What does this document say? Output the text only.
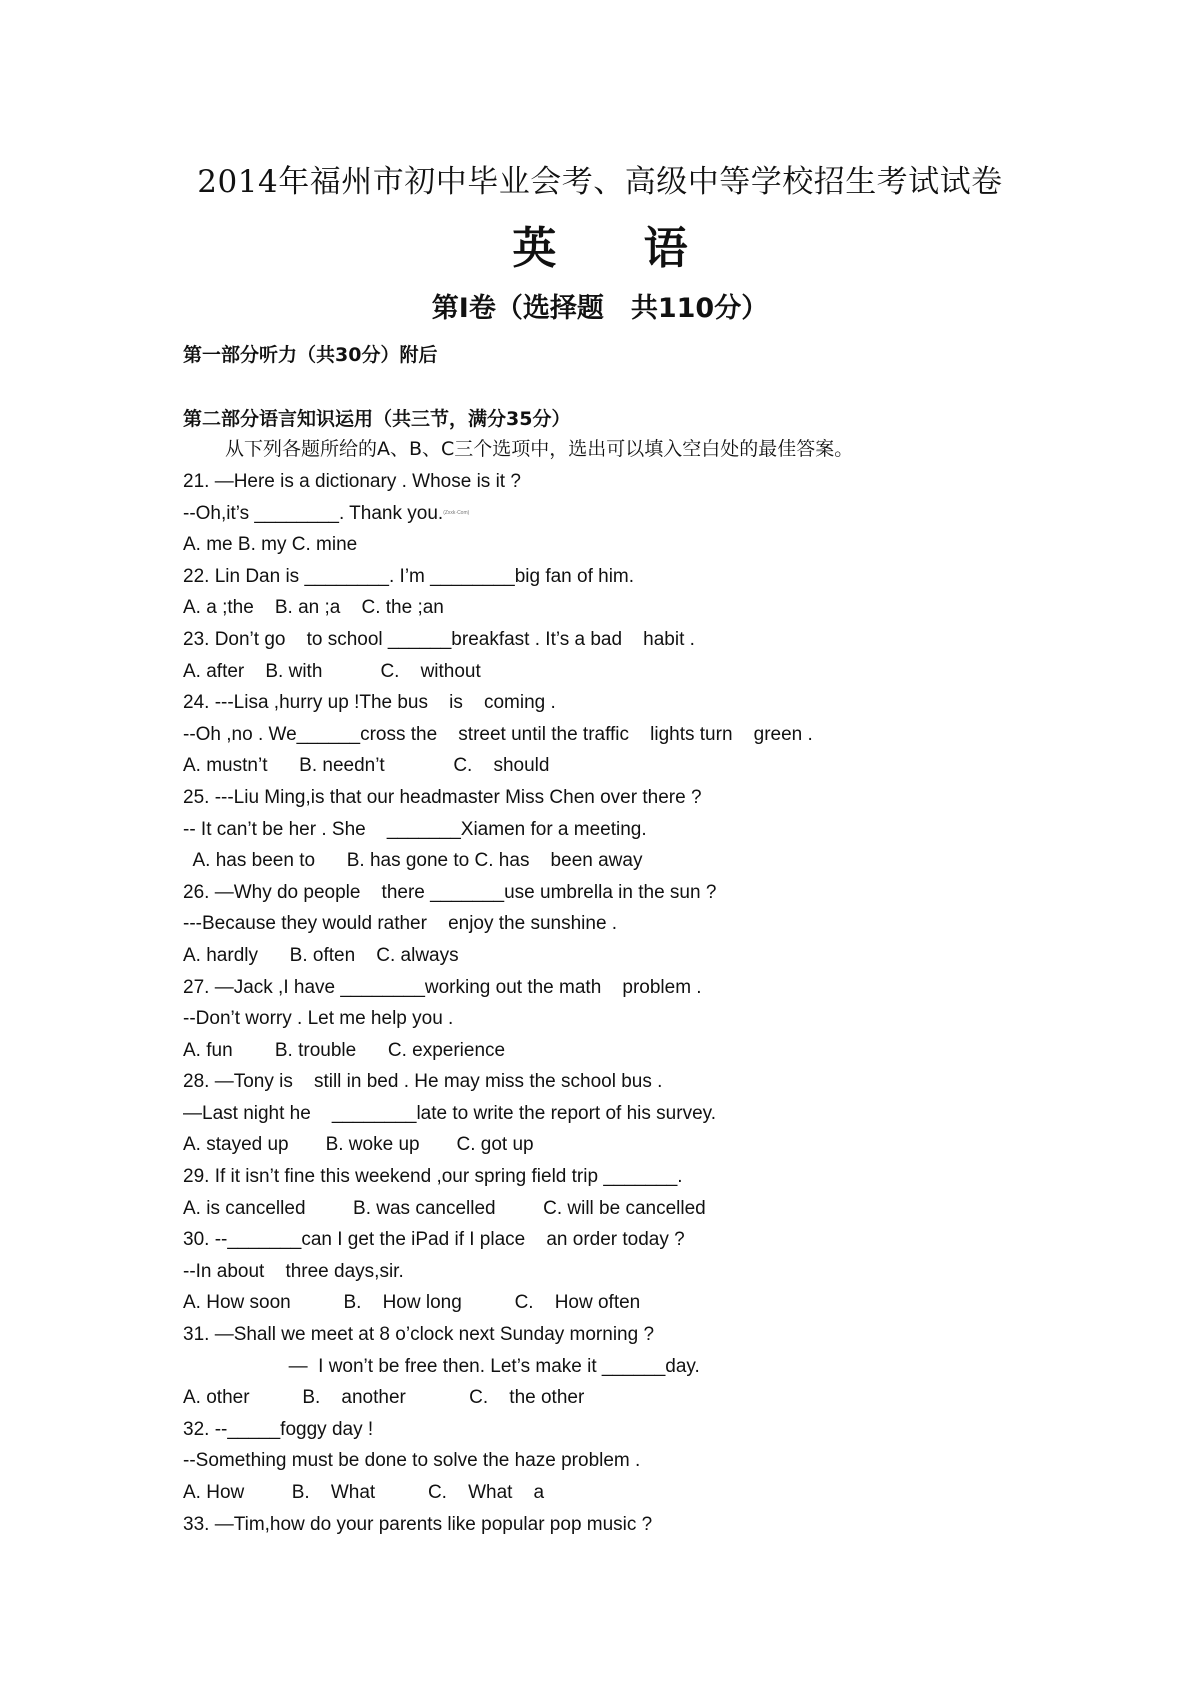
2014年福州市初中毕业会考、高级中等学校招生考试试卷
英 语
第Ⅰ卷（选择题　共110分）
第一部分听力（共30分）附后
第二部分语言知识运用（共三节，满分35分）
从下列各题所给的A、B、C三个选项中，选出可以填入空白处的最佳答案。
21. —Here is a dictionary . Whose is it ?
--Oh,it’s ________. Thank you.(Zxxk·Com)
A. me B. my C. mine
22. Lin Dan is ________. I’m ________big fan of him.
A. a ;the    B. an ;a    C. the ;an
23. Don’t go    to school ______breakfast . It’s a bad    habit .
A. after    B. with           C.    without
24. ---Lisa ,hurry up !The bus    is    coming .
--Oh ,no . We______cross the    street until the traffic    lights turn    green .
A. mustn’t      B. needn’t             C.    should
25. ---Liu Ming,is that our headmaster Miss Chen over there ?
-- It can’t be her . She    _______Xiamen for a meeting.
A. has been to      B. has gone to C. has    been away
26. —Why do people    there _______use umbrella in the sun ?
---Because they would rather    enjoy the sunshine .
A. hardly      B. often    C. always
27. —Jack ,I have ________working out the math    problem .
--Don’t worry . Let me help you .
A. fun        B. trouble      C. experience
28. —Tony is    still in bed . He may miss the school bus .
—Last night he    ________late to write the report of his survey.
A. stayed up       B. woke up       C. got up
29. If it isn’t fine this weekend ,our spring field trip _______.
A. is cancelled         B. was cancelled         C. will be cancelled
30. --_______can I get the iPad if I place    an order today ?
--In about    three days,sir.
A. How soon          B.    How long          C.    How often
31. —Shall we meet at 8 o’clock next Sunday morning ?
—  I won’t be free then. Let’s make it ______day.
A. other          B.    another            C.    the other
32. --_____foggy day !
--Something must be done to solve the haze problem .
A. How         B.    What          C.    What    a
33. —Tim,how do your parents like popular pop music ?
